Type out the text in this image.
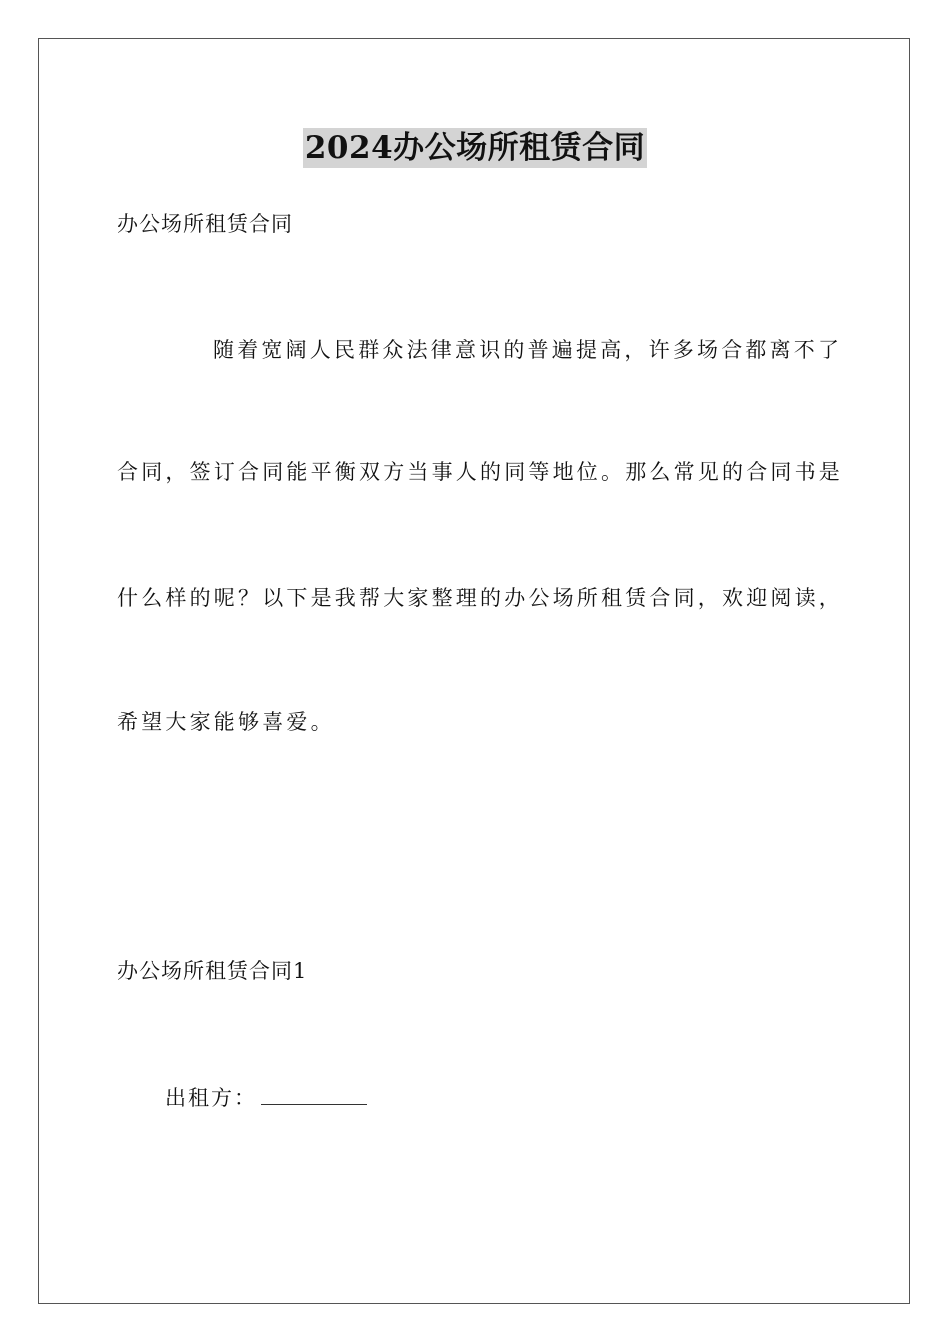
2024办公场所租赁合同
办公场所租赁合同
随着宽阔人民群众法律意识的普遍提高，许多场合都离不了
合同，签订合同能平衡双方当事人的同等地位。那么常见的合同书是
什么样的呢？以下是我帮大家整理的办公场所租赁合同，欢迎阅读，
希望大家能够喜爱。
办公场所租赁合同1
出租方：
